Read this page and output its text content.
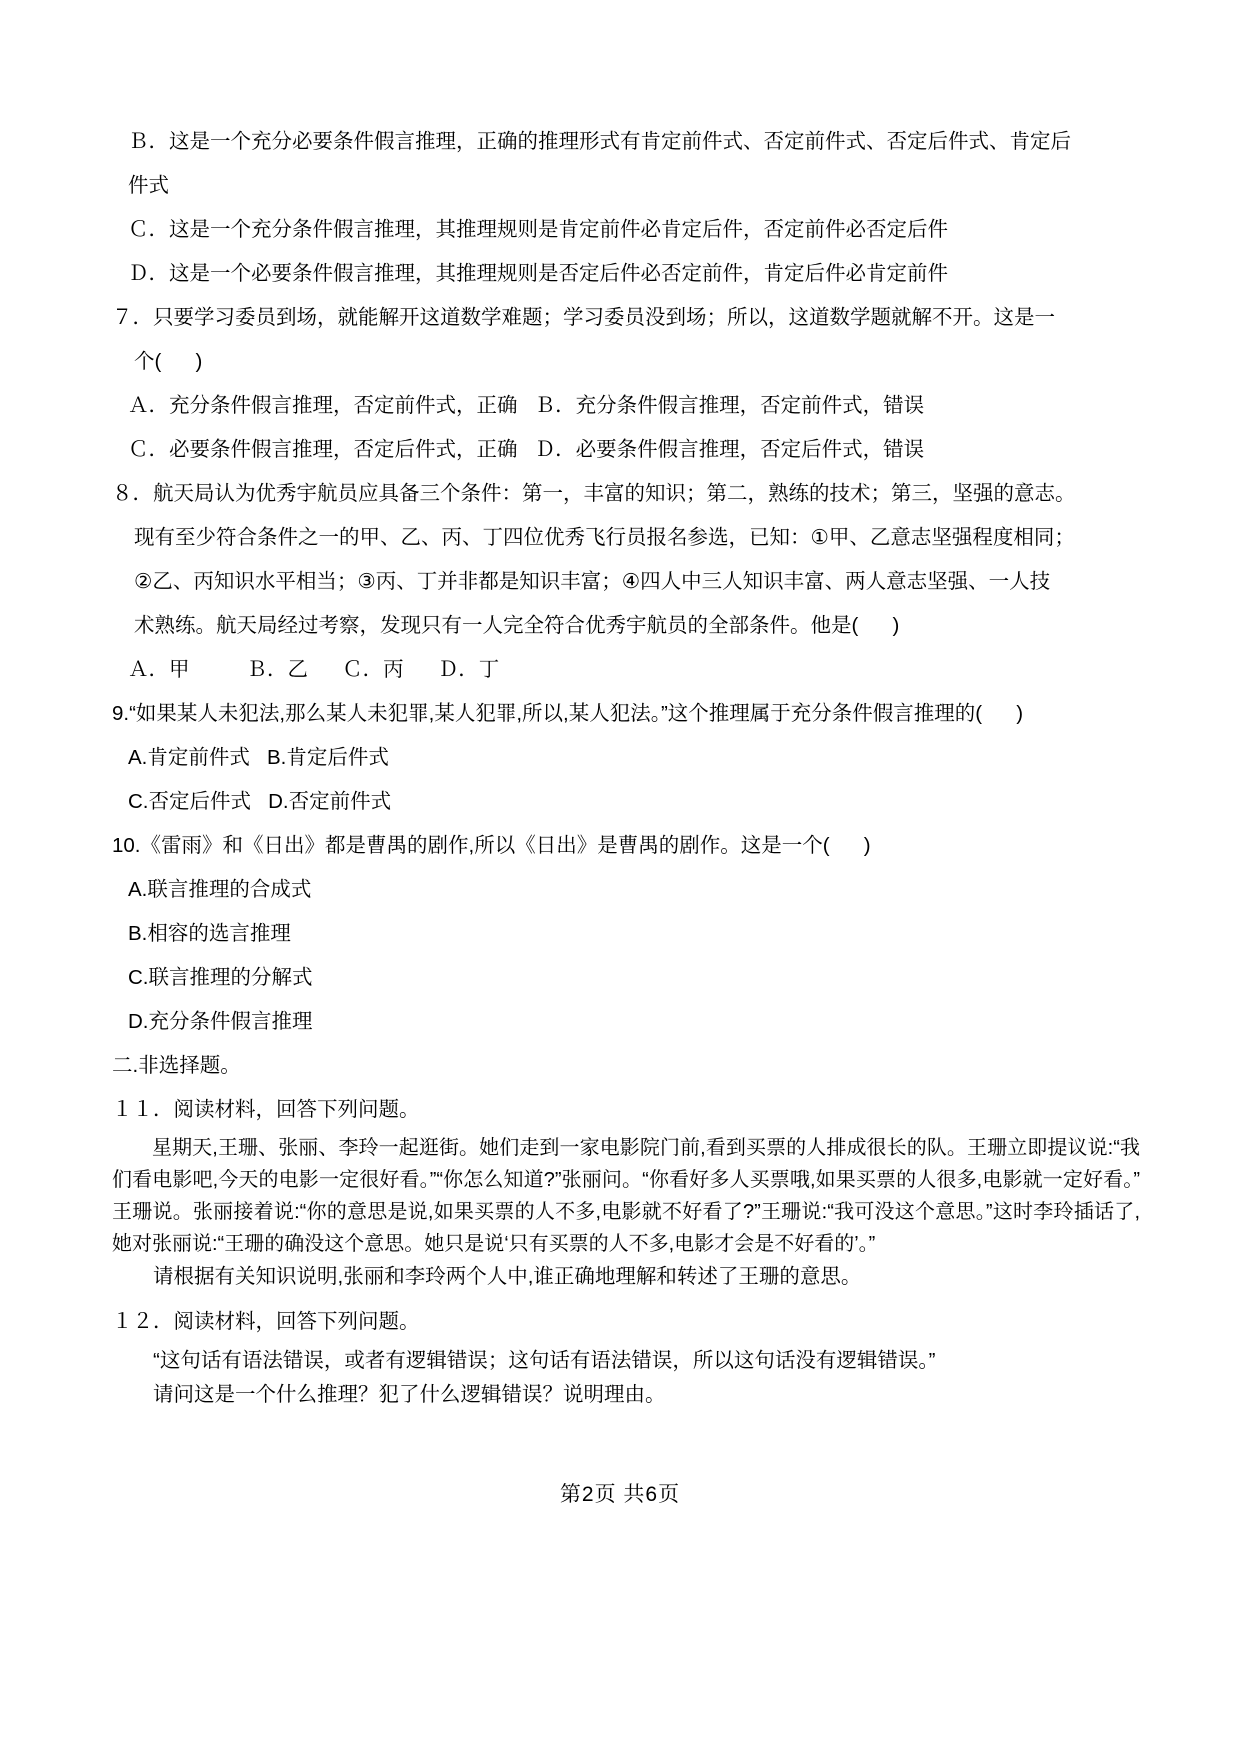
Ｂ．这是一个充分必要条件假言推理，正确的推理形式有肯定前件式、否定前件式、否定后件式、肯定后
件式
Ｃ．这是一个充分条件假言推理，其推理规则是肯定前件必肯定后件，否定前件必否定后件
Ｄ．这是一个必要条件假言推理，其推理规则是否定后件必否定前件，肯定后件必肯定前件
７．只要学习委员到场，就能解开这道数学难题；学习委员没到场；所以，这道数学题就解不开。这是一
个(      )
Ａ．充分条件假言推理，否定前件式，正确   Ｂ．充分条件假言推理，否定前件式，错误
Ｃ．必要条件假言推理，否定后件式，正确   Ｄ．必要条件假言推理，否定后件式，错误
８．航天局认为优秀宇航员应具备三个条件：第一，丰富的知识；第二，熟练的技术；第三，坚强的意志。
现有至少符合条件之一的甲、乙、丙、丁四位优秀飞行员报名参选，已知：①甲、乙意志坚强程度相同；
②乙、丙知识水平相当；③丙、丁并非都是知识丰富；④四人中三人知识丰富、两人意志坚强、一人技
术熟练。航天局经过考察，发现只有一人完全符合优秀宇航员的全部条件。他是(      )
Ａ．甲          Ｂ．乙      Ｃ．丙      Ｄ．丁
9.“如果某人未犯法,那么某人未犯罪,某人犯罪,所以,某人犯法。”这个推理属于充分条件假言推理的(      )
A.肯定前件式   B.肯定后件式
C.否定后件式   D.否定前件式
10.《雷雨》和《日出》都是曹禺的剧作,所以《日出》是曹禺的剧作。这是一个(      )
A.联言推理的合成式
B.相容的选言推理
C.联言推理的分解式
D.充分条件假言推理
二.非选择题。
１１．阅读材料，回答下列问题。
星期天,王珊、张丽、李玲一起逛街。她们走到一家电影院门前,看到买票的人排成很长的队。王珊立即提议说:“我们看电影吧,今天的电影一定很好看。”“你怎么知道?”张丽问。“你看好多人买票哦,如果买票的人很多,电影就一定好看。”王珊说。张丽接着说:“你的意思是说,如果买票的人不多,电影就不好看了?”王珊说:“我可没这个意思。”这时李玲插话了,她对张丽说:“王珊的确没这个意思。她只是说‘只有买票的人不多,电影才会是不好看的’。”
请根据有关知识说明,张丽和李玲两个人中,谁正确地理解和转述了王珊的意思。
１２．阅读材料，回答下列问题。
“这句话有语法错误，或者有逻辑错误；这句话有语法错误，所以这句话没有逻辑错误。”
请问这是一个什么推理？犯了什么逻辑错误？说明理由。
第2页 共6页
